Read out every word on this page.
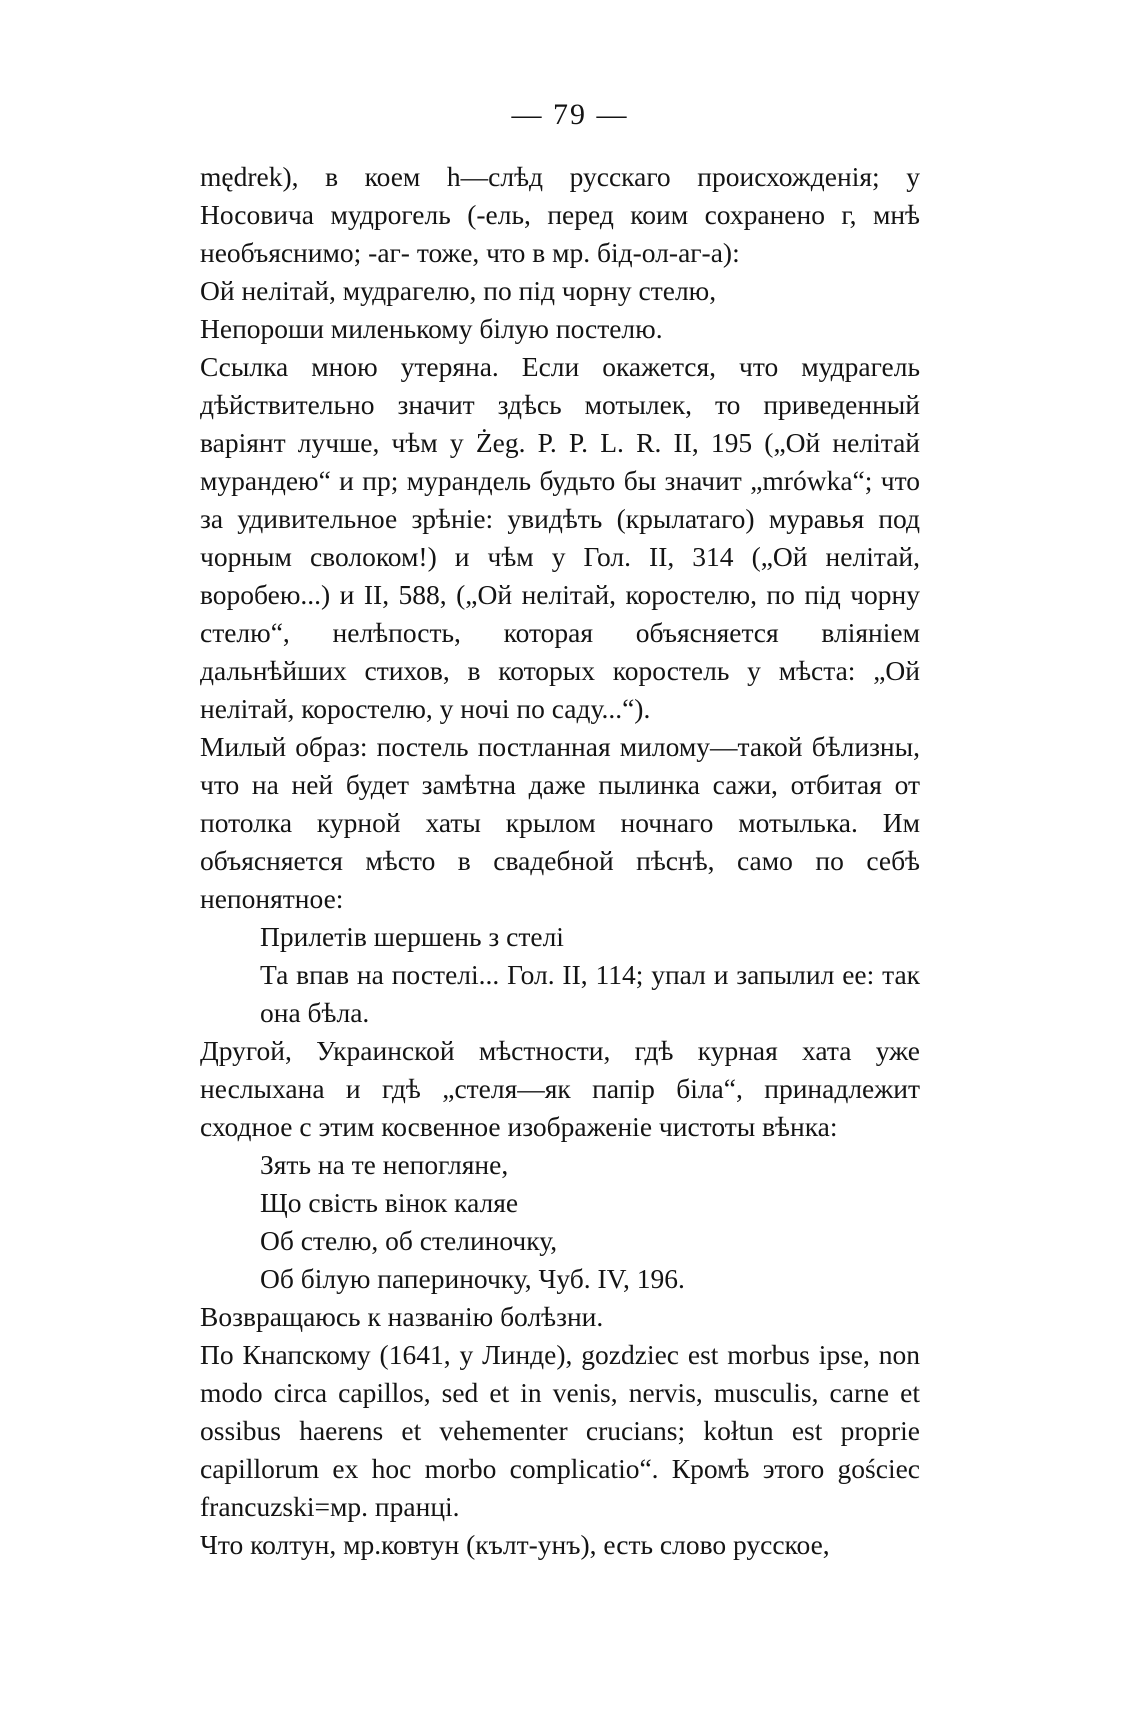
— 79 —

mędrek), в коем h—слѣд русскаго происхожденія; у Носовича мудрогель (-ель, перед коим сохранено г, мнѣ необъяснимо; -аг- тоже, что в мр. бід-ол-аг-а):

Ой нелітай, мудрагелю, по під чорну стелю,
Непороши миленькому білую постелю.

Ссылка мною утеряна. Если окажется, что мудрагель дѣйствительно значит здѣсь мотылек, то приведенный варіянт лучше, чѣм у Żeg. P. P. L. R. II, 195 („Ой нелітай мурандею“ и пр; мурандель будьто бы значит „mrówka“; что за удивительное зрѣніе: увидѣть (крылатаго) муравья под чорным сволоком!) и чѣм у Гол. II, 314 („Ой нелітай, воробею...) и II, 588, („Ой нелітай, коростелю, по під чорну стелю“, нелѣпость, которая объясняется вліяніем дальнѣйших стихов, в которых коростель у мѣста: „Ой нелітай, коростелю, у ночі по саду...“).

Милый образ: постель постланная милому—такой бѣлизны, что на ней будет замѣтна даже пылинка сажи, отбитая от потолка курной хаты крылом ночнаго мотылька. Им объясняется мѣсто в свадебной пѣснѣ, само по себѣ непонятное:

Прилетів шершень з стелі
Та впав на постелі... Гол. II, 114; упал и запылил ее: так она бѣла.

Другой, Украинской мѣстности, гдѣ курная хата уже неслыхана и гдѣ „стеля—як папір біла“, принадлежит сходное с этим косвенное изображеніе чистоты вѣнка:

Зять на те непогляне,
Що свість вінок каляе
Об стелю, об стелиночку,
Об білую папериночку, Чуб. IV, 196.

Возвращаюсь к названію болѣзни.

По Кнапскому (1641, у Линде), gozdziec est morbus ipse, non modo circa capillos, sed et in venis, nervis, musculis, carne et ossibus haerens et vehementer crucians; kołtun est proprie capillorum ex hoc morbo complicatio“. Кромѣ этого gościec francuzski=мр. пранці.

Что колтун, мр.ковтун (кълт-унъ), есть слово русское,
